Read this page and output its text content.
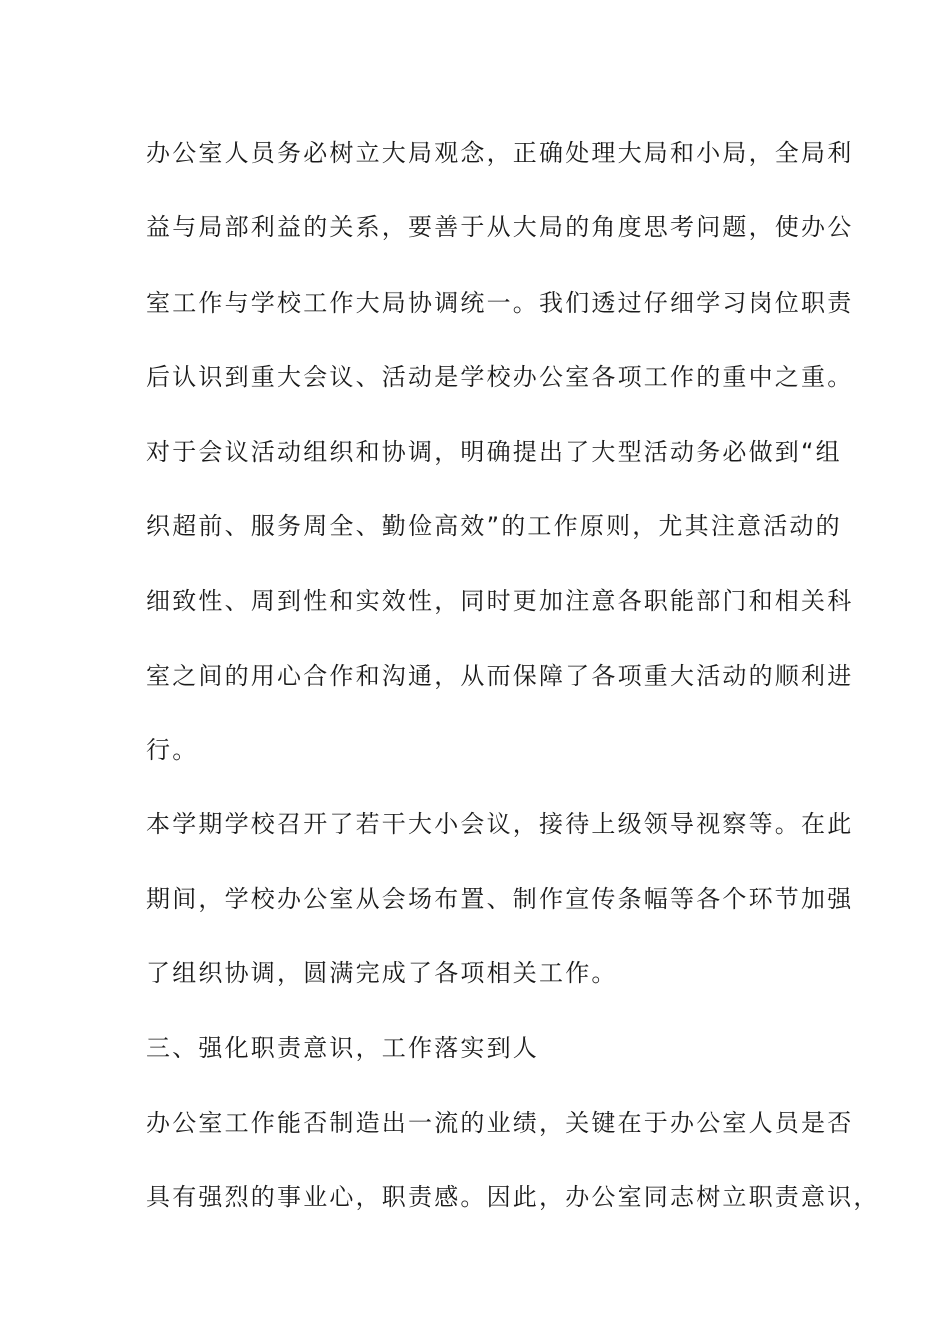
办公室人员务必树立大局观念，正确处理大局和小局，全局利

益与局部利益的关系，要善于从大局的角度思考问题，使办公

室工作与学校工作大局协调统一。我们透过仔细学习岗位职责

后认识到重大会议、活动是学校办公室各项工作的重中之重。

对于会议活动组织和协调，明确提出了大型活动务必做到“组

织超前、服务周全、勤俭高效”的工作原则，尤其注意活动的

细致性、周到性和实效性，同时更加注意各职能部门和相关科

室之间的用心合作和沟通，从而保障了各项重大活动的顺利进

行。

本学期学校召开了若干大小会议，接待上级领导视察等。在此

期间，学校办公室从会场布置、制作宣传条幅等各个环节加强

了组织协调，圆满完成了各项相关工作。

三、强化职责意识，工作落实到人

办公室工作能否制造出一流的业绩，关键在于办公室人员是否

具有强烈的事业心，职责感。因此，办公室同志树立职责意识，
